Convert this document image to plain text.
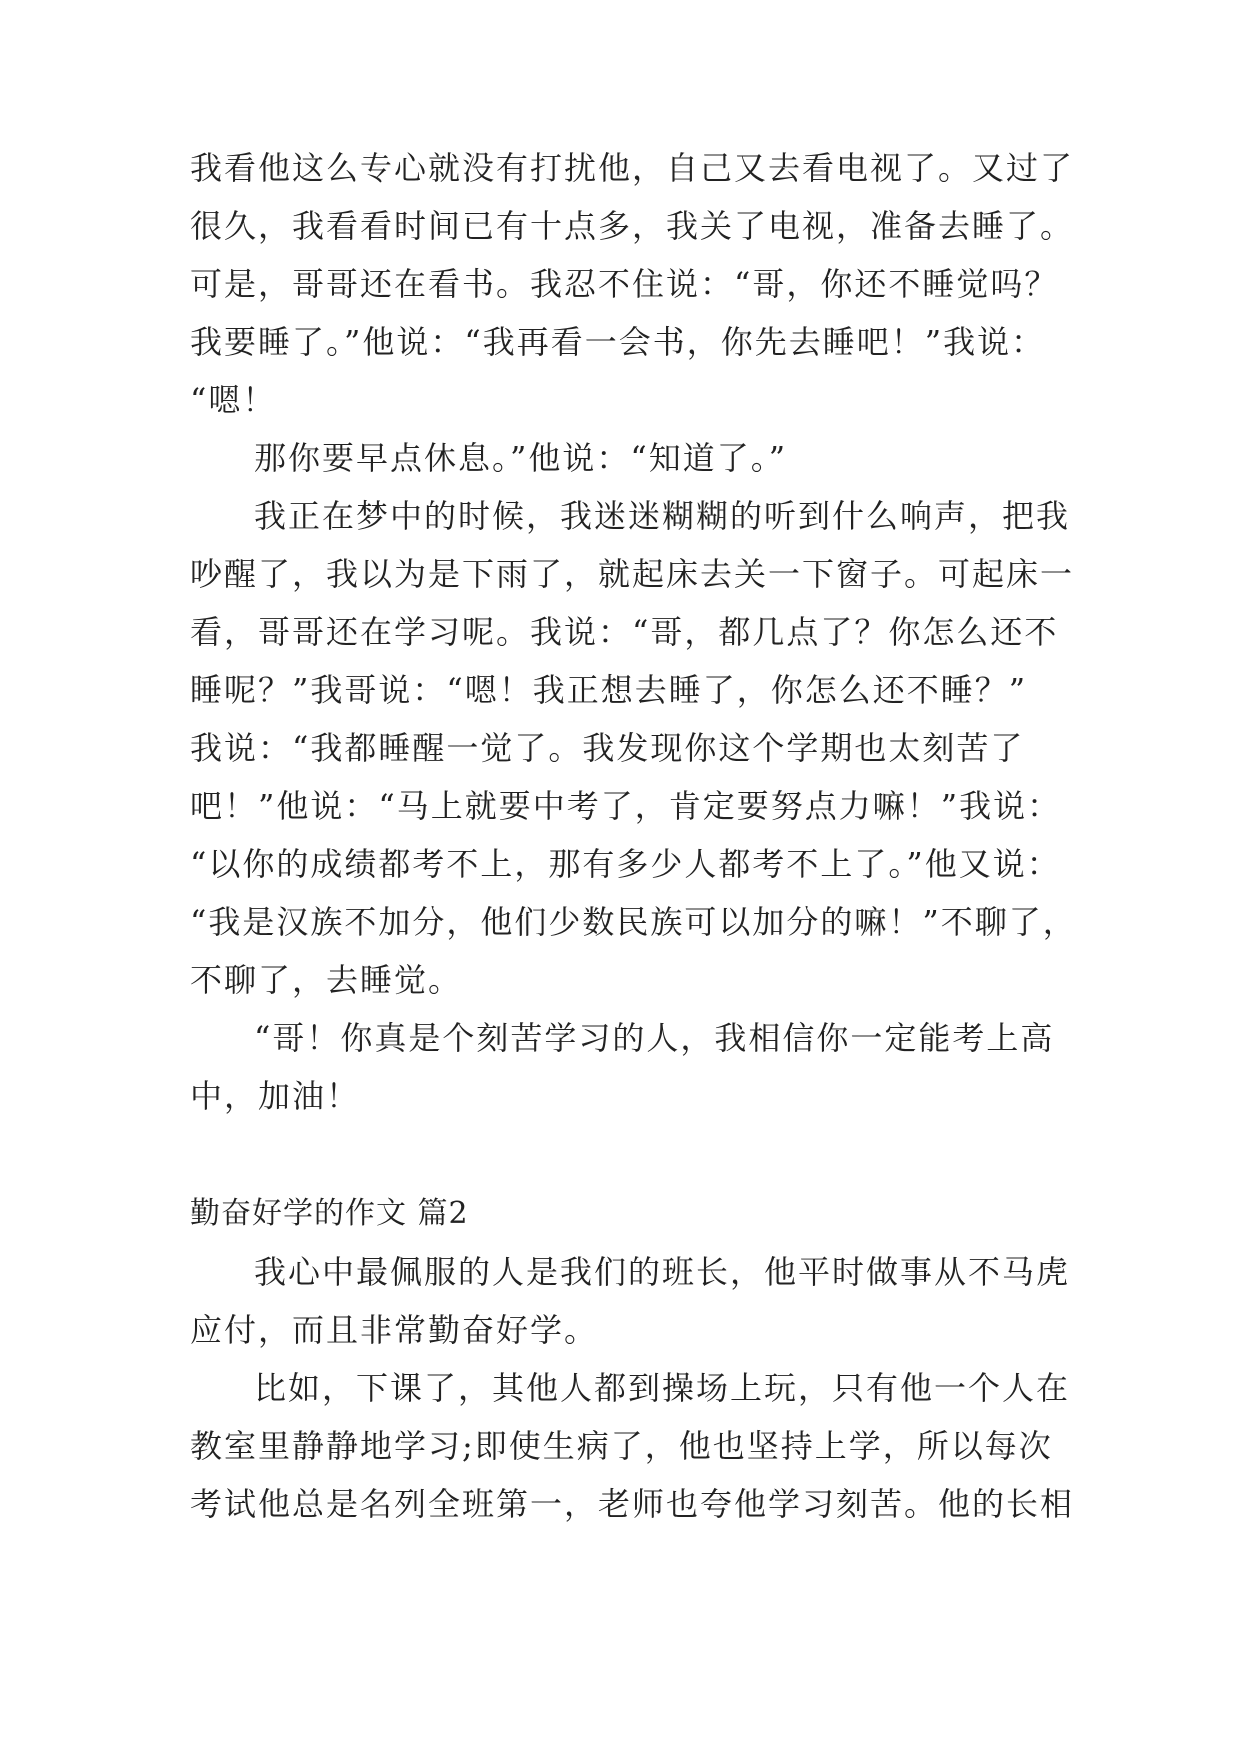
我看他这么专心就没有打扰他，自己又去看电视了。又过了
很久，我看看时间已有十点多，我关了电视，准备去睡了。
可是，哥哥还在看书。我忍不住说：“哥，你还不睡觉吗？
我要睡了。”他说：“我再看一会书，你先去睡吧！”我说：
“嗯！
那你要早点休息。”他说：“知道了。”
我正在梦中的时候，我迷迷糊糊的听到什么响声，把我
吵醒了，我以为是下雨了，就起床去关一下窗子。可起床一
看，哥哥还在学习呢。我说：“哥，都几点了？你怎么还不
睡呢？”我哥说：“嗯！我正想去睡了，你怎么还不睡？”
我说：“我都睡醒一觉了。我发现你这个学期也太刻苦了
吧！”他说：“马上就要中考了，肯定要努点力嘛！”我说：
“以你的成绩都考不上，那有多少人都考不上了。”他又说：
“我是汉族不加分，他们少数民族可以加分的嘛！”不聊了，
不聊了，去睡觉。
“哥！你真是个刻苦学习的人，我相信你一定能考上高
中，加油！
勤奋好学的作文 篇2
我心中最佩服的人是我们的班长，他平时做事从不马虎
应付，而且非常勤奋好学。
比如，下课了，其他人都到操场上玩，只有他一个人在
教室里静静地学习;即使生病了，他也坚持上学，所以每次
考试他总是名列全班第一，老师也夸他学习刻苦。他的长相
